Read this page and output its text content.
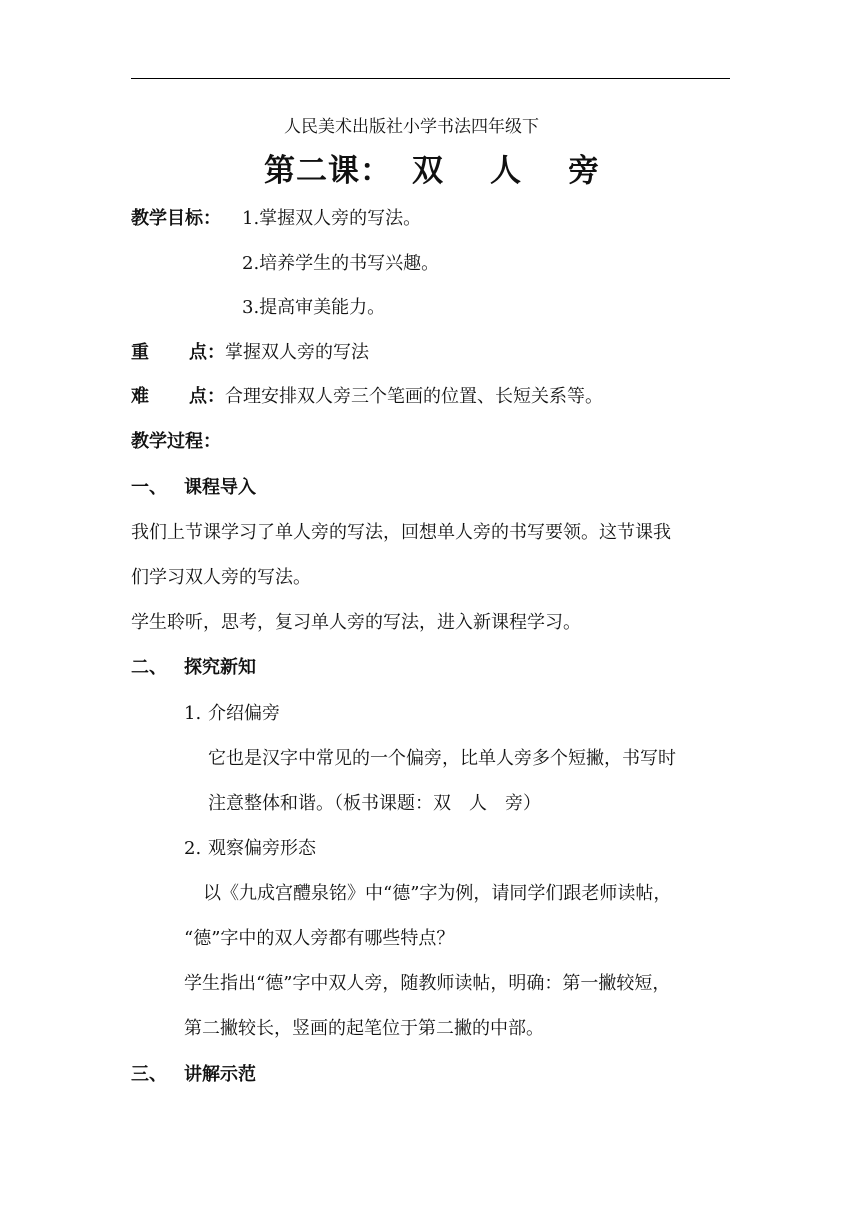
人民美术出版社小学书法四年级下
第二课： 双 人 旁
教学目标： 1.掌握双人旁的写法。
2.培养学生的书写兴趣。
3.提高审美能力。
重 点：掌握双人旁的写法
难 点：合理安排双人旁三个笔画的位置、长短关系等。
教学过程：
一、 课程导入
我们上节课学习了单人旁的写法，回想单人旁的书写要领。这节课我
们学习双人旁的写法。
学生聆听，思考，复习单人旁的写法，进入新课程学习。
二、 探究新知
1. 介绍偏旁
它也是汉字中常见的一个偏旁，比单人旁多个短撇，书写时
注意整体和谐。（板书课题：双　人　旁）
2. 观察偏旁形态
以《九成宫醴泉铭》中“德”字为例，请同学们跟老师读帖，
“德”字中的双人旁都有哪些特点？
学生指出“德”字中双人旁，随教师读帖，明确：第一撇较短，
第二撇较长，竖画的起笔位于第二撇的中部。
三、 讲解示范
